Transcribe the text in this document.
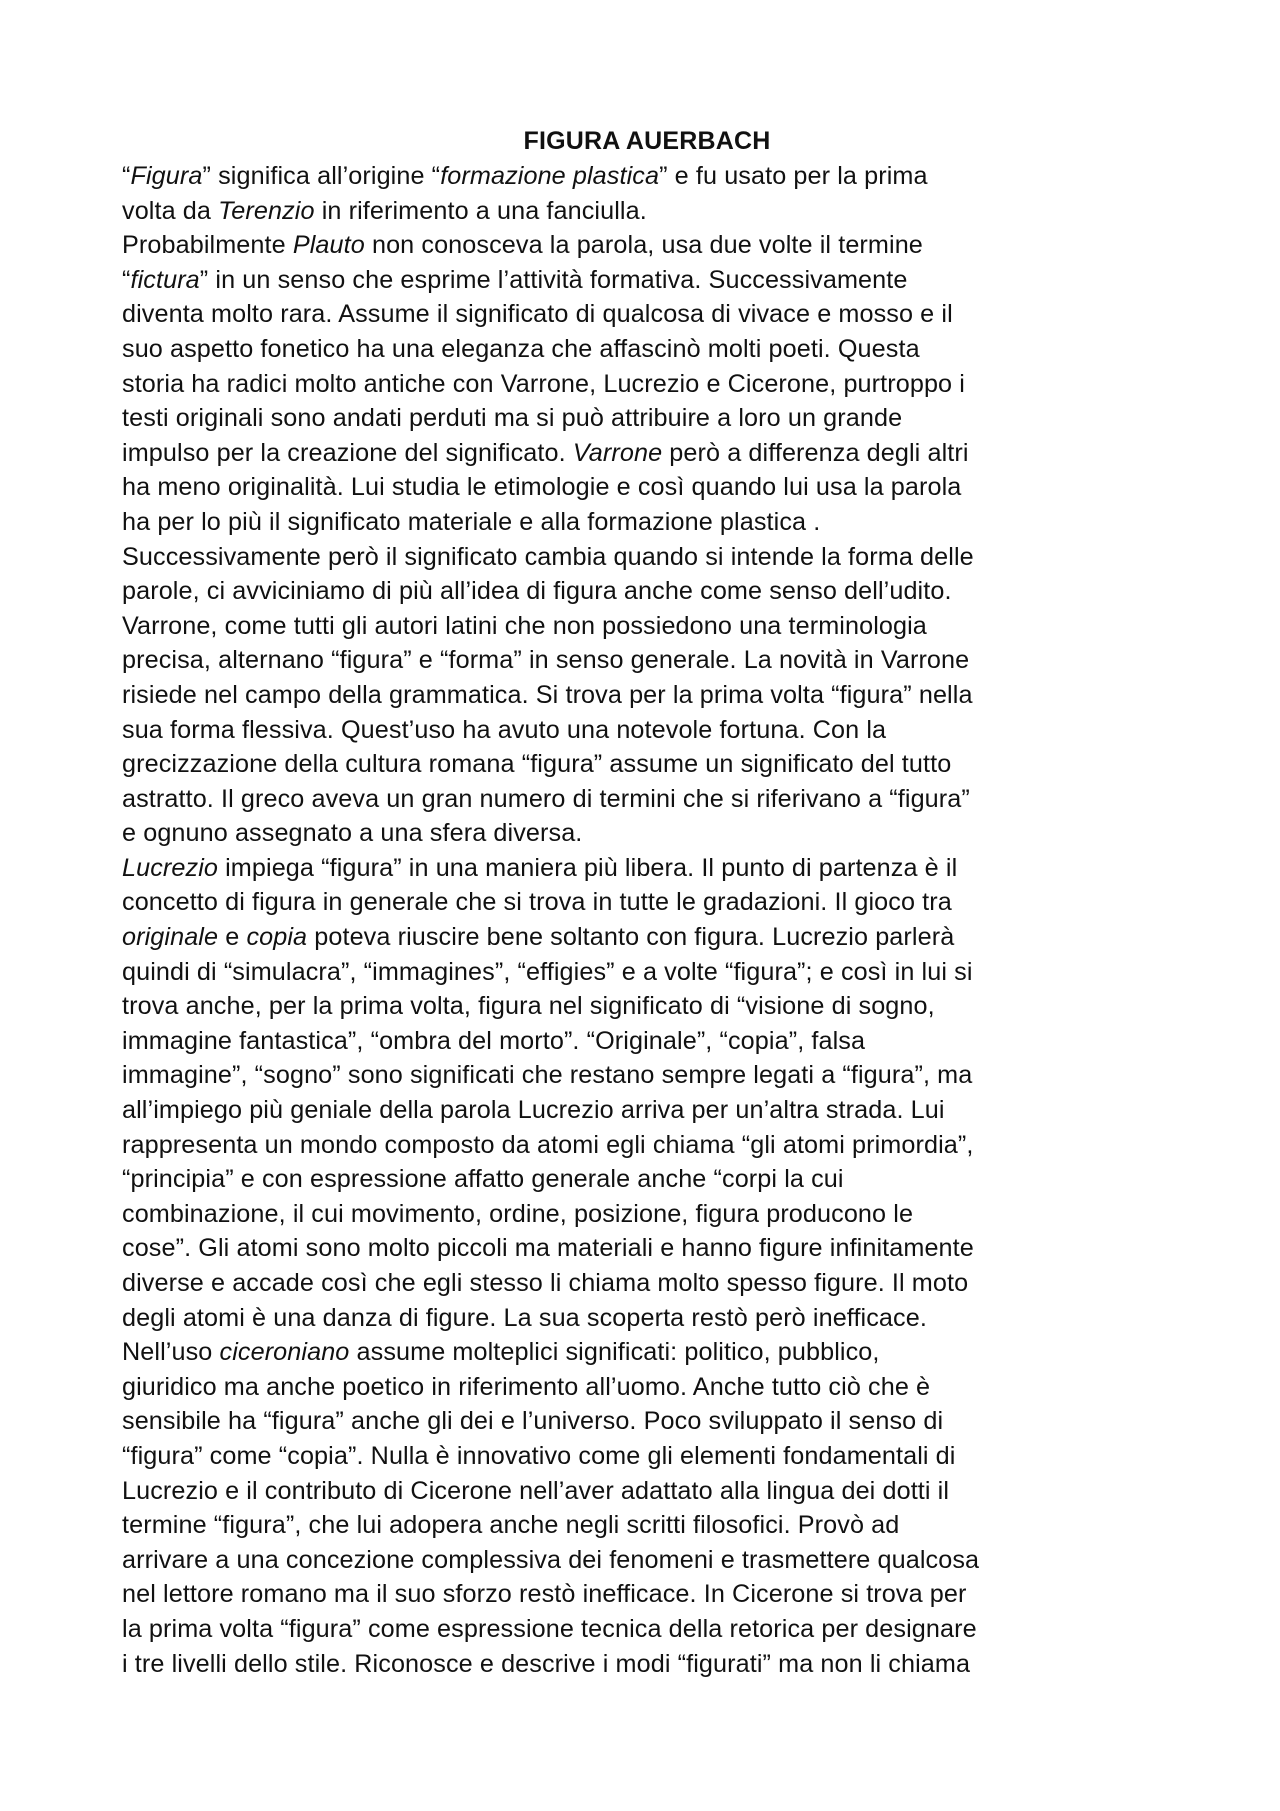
FIGURA AUERBACH
“Figura” significa all’origine “formazione plastica” e fu usato per la prima
volta da Terenzio in riferimento a una fanciulla.
Probabilmente Plauto non conosceva la parola, usa due volte il termine
“fictura” in un senso che esprime l’attività formativa. Successivamente
diventa molto rara. Assume il significato di qualcosa di vivace e mosso e il
suo aspetto fonetico ha una eleganza che affascinò molti poeti. Questa
storia ha radici molto antiche con Varrone, Lucrezio e Cicerone, purtroppo i
testi originali sono andati perduti ma si può attribuire a loro un grande
impulso per la creazione del significato. Varrone però a differenza degli altri
ha meno originalità. Lui studia le etimologie e così quando lui usa la parola
ha per lo più il significato materiale e alla formazione plastica .
Successivamente però il significato cambia quando si intende la forma delle
parole, ci avviciniamo di più all’idea di figura anche come senso dell’udito.
Varrone, come tutti gli autori latini che non possiedono una terminologia
precisa, alternano “figura” e “forma” in senso generale. La novità in Varrone
risiede nel campo della grammatica. Si trova per la prima volta “figura” nella
sua forma flessiva. Quest’uso ha avuto una notevole fortuna. Con la
grecizzazione della cultura romana “figura” assume un significato del tutto
astratto. Il greco aveva un gran numero di termini che si riferivano a “figura”
e ognuno assegnato a una sfera diversa.
Lucrezio impiega “figura” in una maniera più libera. Il punto di partenza è il
concetto di figura in generale che si trova in tutte le gradazioni. Il gioco tra
originale e copia poteva riuscire bene soltanto con figura. Lucrezio parlerà
quindi di “simulacra”, “immagines”, “effigies” e a volte “figura”; e così in lui si
trova anche, per la prima volta, figura nel significato di “visione di sogno,
immagine fantastica”, “ombra del morto”. “Originale”, “copia”, falsa
immagine”, “sogno” sono significati che restano sempre legati a “figura”, ma
all’impiego più geniale della parola Lucrezio arriva per un’altra strada. Lui
rappresenta un mondo composto da atomi egli chiama “gli atomi primordia”,
“principia” e con espressione affatto generale anche “corpi la cui
combinazione, il cui movimento, ordine, posizione, figura producono le
cose”. Gli atomi sono molto piccoli ma materiali e hanno figure infinitamente
diverse e accade così che egli stesso li chiama molto spesso figure. Il moto
degli atomi è una danza di figure. La sua scoperta restò però inefficace.
Nell’uso ciceroniano assume molteplici significati: politico, pubblico,
giuridico ma anche poetico in riferimento all’uomo. Anche tutto ciò che è
sensibile ha “figura” anche gli dei e l’universo. Poco sviluppato il senso di
“figura” come “copia”. Nulla è innovativo come gli elementi fondamentali di
Lucrezio e il contributo di Cicerone nell’aver adattato alla lingua dei dotti il
termine “figura”, che lui adopera anche negli scritti filosofici. Provò ad
arrivare a una concezione complessiva dei fenomeni e trasmettere qualcosa
nel lettore romano ma il suo sforzo restò inefficace. In Cicerone si trova per
la prima volta “figura” come espressione tecnica della retorica per designare
i tre livelli dello stile. Riconosce e descrive i modi “figurati” ma non li chiama
